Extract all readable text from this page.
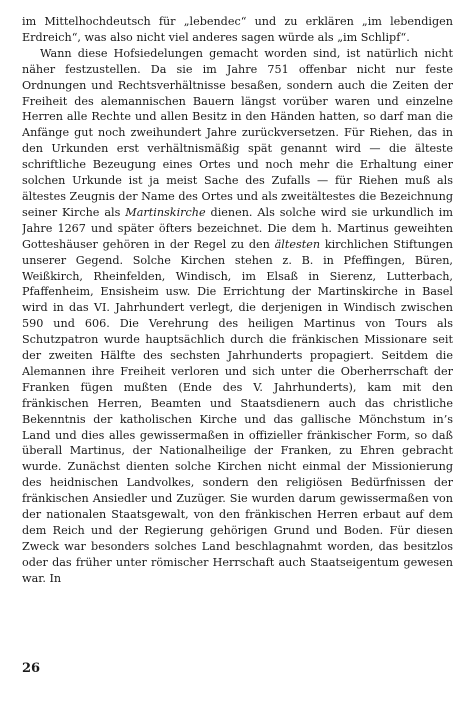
im Mittelhochdeutsch für „lebendec“ und zu erklären „im lebendigen Erdreich“, was also nicht viel anderes sagen würde als „im Schlipf“.

Wann diese Hofsiedelungen gemacht worden sind, ist natürlich nicht näher festzustellen. Da sie im Jahre 751 offenbar nicht nur feste Ordnungen und Rechtsverhältnisse besaßen, sondern auch die Zeiten der Freiheit des alemannischen Bauern längst vorüber waren und einzelne Herren alle Rechte und allen Besitz in den Händen hatten, so darf man die Anfänge gut noch zweihundert Jahre zurückversetzen. Für Riehen, das in den Urkunden erst verhältnismäßig spät genannt wird — die älteste schriftliche Bezeugung eines Ortes und noch mehr die Erhaltung einer solchen Urkunde ist ja meist Sache des Zufalls — für Riehen muß als ältestes Zeugnis der Name des Ortes und als zweitältestes die Bezeichnung seiner Kirche als Martinskirche dienen. Als solche wird sie urkundlich im Jahre 1267 und später öfters bezeichnet. Die dem h. Martinus geweihten Gotteshäuser gehören in der Regel zu den ältesten kirchlichen Stiftungen unserer Gegend. Solche Kirchen stehen z. B. in Pfeffingen, Büren, Weißkirch, Rheinfelden, Windisch, im Elsaß in Sierenz, Lutterbach, Pfaffenheim, Ensisheim usw. Die Errichtung der Martinskirche in Basel wird in das VI. Jahrhundert verlegt, die derjenigen in Windisch zwischen 590 und 606. Die Verehrung des heiligen Martinus von Tours als Schutzpatron wurde hauptsächlich durch die fränkischen Missionare seit der zweiten Hälfte des sechsten Jahrhunderts propagiert. Seitdem die Alemannen ihre Freiheit verloren und sich unter die Oberherrschaft der Franken fügen mußten (Ende des V. Jahrhunderts), kam mit den fränkischen Herren, Beamten und Staatsdienern auch das christliche Bekenntnis der katholischen Kirche und das gallische Mönchstum in’s Land und dies alles gewissermaßen in offizieller fränkischer Form, so daß überall Martinus, der Nationalheilige der Franken, zu Ehren gebracht wurde. Zunächst dienten solche Kirchen nicht einmal der Missionierung des heidnischen Landvolkes, sondern den religiösen Bedürfnissen der fränkischen Ansiedler und Zuzüger. Sie wurden darum gewissermaßen von der nationalen Staatsgewalt, von den fränkischen Herren erbaut auf dem dem Reich und der Regierung gehörigen Grund und Boden. Für diesen Zweck war besonders solches Land beschlagnahmt worden, das besitzlos oder das früher unter römischer Herrschaft auch Staatseigentum gewesen war. In

26
